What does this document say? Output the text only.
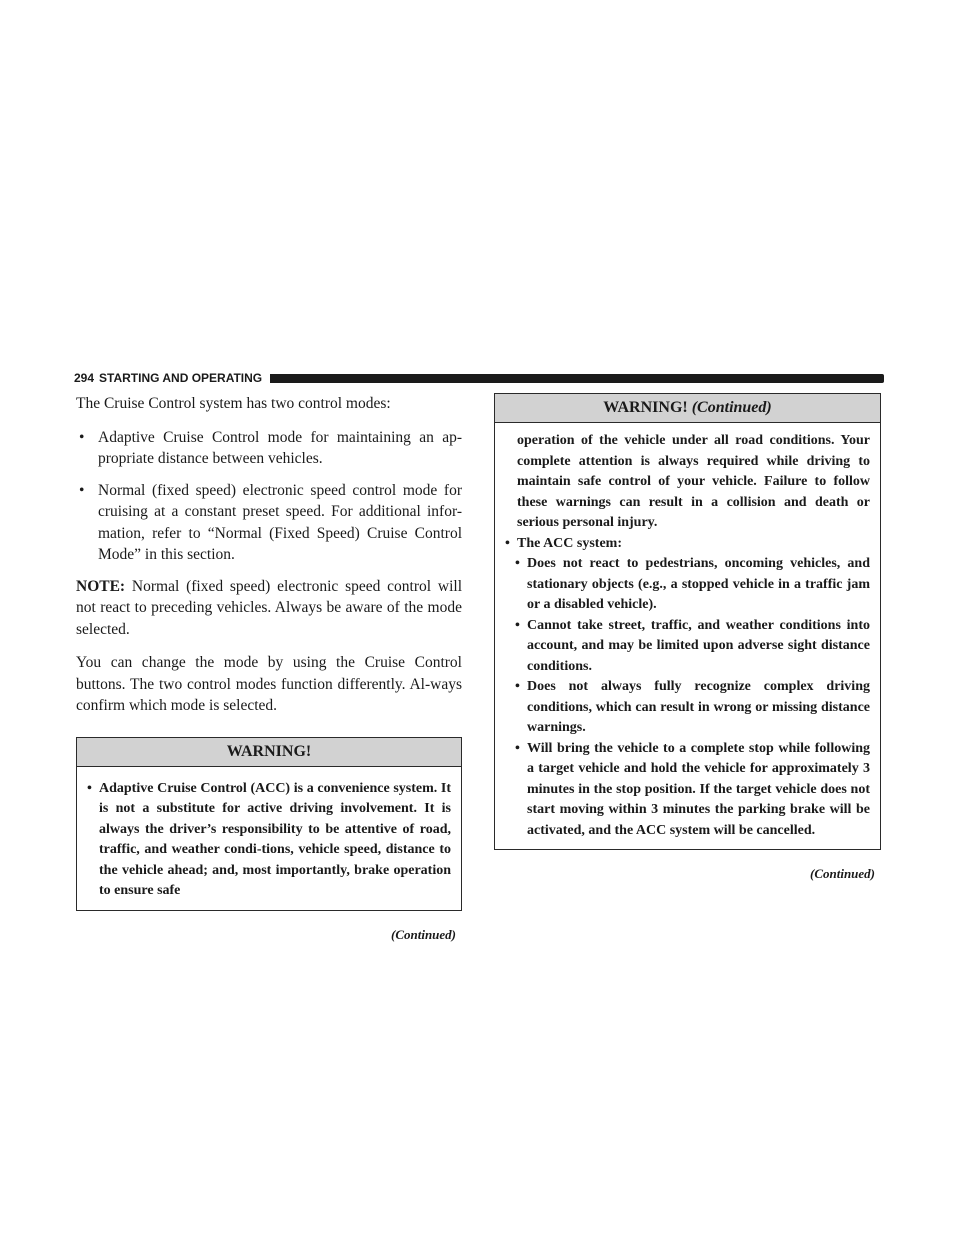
294 STARTING AND OPERATING

The Cruise Control system has two control modes:

• Adaptive Cruise Control mode for maintaining an ap-propriate distance between vehicles.
• Normal (fixed speed) electronic speed control mode for cruising at a constant preset speed. For additional infor-mation, refer to “Normal (Fixed Speed) Cruise Control Mode” in this section.

NOTE: Normal (fixed speed) electronic speed control will not react to preceding vehicles. Always be aware of the mode selected.

You can change the mode by using the Cruise Control buttons. The two control modes function differently. Al-ways confirm which mode is selected.

WARNING!
• Adaptive Cruise Control (ACC) is a convenience system. It is not a substitute for active driving involvement. It is always the driver’s responsibility to be attentive of road, traffic, and weather condi-tions, vehicle speed, distance to the vehicle ahead; and, most importantly, brake operation to ensure safe
(Continued)
WARNING! (Continued)
operation of the vehicle under all road conditions. Your complete attention is always required while driving to maintain safe control of your vehicle. Failure to follow these warnings can result in a collision and death or serious personal injury.
• The ACC system:
• Does not react to pedestrians, oncoming vehicles, and stationary objects (e.g., a stopped vehicle in a traffic jam or a disabled vehicle).
• Cannot take street, traffic, and weather conditions into account, and may be limited upon adverse sight distance conditions.
• Does not always fully recognize complex driving conditions, which can result in wrong or missing distance warnings.
• Will bring the vehicle to a complete stop while following a target vehicle and hold the vehicle for approximately 3 minutes in the stop position. If the target vehicle does not start moving within 3 minutes the parking brake will be activated, and the ACC system will be cancelled.
(Continued)
